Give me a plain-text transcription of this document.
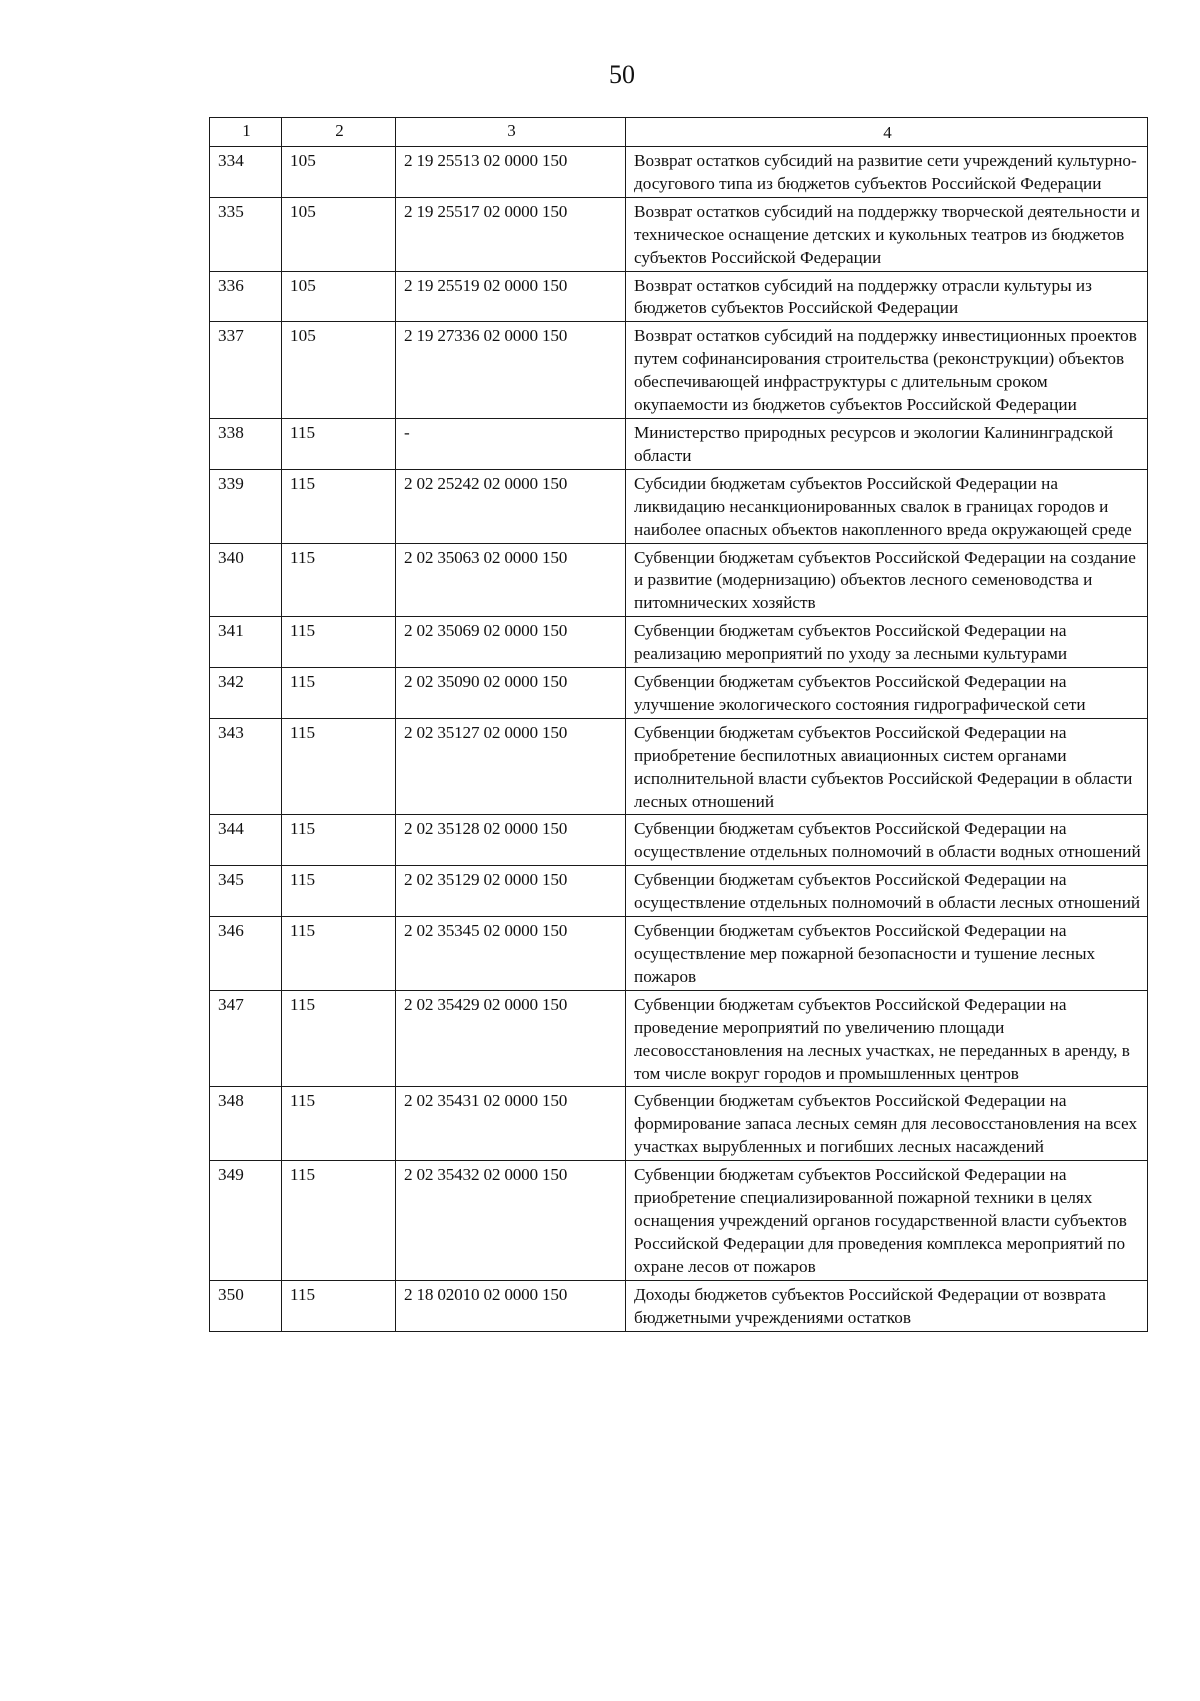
50
1	2	3	4
334	105	2 19 25513 02 0000 150	Возврат остатков субсидий на развитие сети учреждений культурно-досугового типа из бюджетов субъектов Российской Федерации
335	105	2 19 25517 02 0000 150	Возврат остатков субсидий на поддержку творческой деятельности и техническое оснащение детских и кукольных театров из бюджетов субъектов Российской Федерации
336	105	2 19 25519 02 0000 150	Возврат остатков субсидий на поддержку отрасли культуры из бюджетов субъектов Российской Федерации
337	105	2 19 27336 02 0000 150	Возврат остатков субсидий на поддержку инвестиционных проектов путем софинансирования строительства (реконструкции) объектов обеспечивающей инфраструктуры с длительным сроком окупаемости из бюджетов субъектов Российской Федерации
338	115	-	Министерство природных ресурсов и экологии Калининградской области
339	115	2 02 25242 02 0000 150	Субсидии бюджетам субъектов Российской Федерации на ликвидацию несанкционированных свалок в границах городов и наиболее опасных объектов накопленного вреда окружающей среде
340	115	2 02 35063 02 0000 150	Субвенции бюджетам субъектов Российской Федерации на создание и развитие (модернизацию) объектов лесного семеноводства и питомнических хозяйств
341	115	2 02 35069 02 0000 150	Субвенции бюджетам субъектов Российской Федерации на реализацию мероприятий по уходу за лесными культурами
342	115	2 02 35090 02 0000 150	Субвенции бюджетам субъектов Российской Федерации на улучшение экологического состояния гидрографической сети
343	115	2 02 35127 02 0000 150	Субвенции бюджетам субъектов Российской Федерации на приобретение беспилотных авиационных систем органами исполнительной власти субъектов Российской Федерации в области лесных отношений
344	115	2 02 35128 02 0000 150	Субвенции бюджетам субъектов Российской Федерации на осуществление отдельных полномочий в области водных отношений
345	115	2 02 35129 02 0000 150	Субвенции бюджетам субъектов Российской Федерации на осуществление отдельных полномочий в области лесных отношений
346	115	2 02 35345 02 0000 150	Субвенции бюджетам субъектов Российской Федерации на осуществление мер пожарной безопасности и тушение лесных пожаров
347	115	2 02 35429 02 0000 150	Субвенции бюджетам субъектов Российской Федерации на проведение мероприятий по увеличению площади лесовосстановления на лесных участках, не переданных в аренду, в том числе вокруг городов и промышленных центров
348	115	2 02 35431 02 0000 150	Субвенции бюджетам субъектов Российской Федерации на формирование запаса лесных семян для лесовосстановления на всех участках вырубленных и погибших лесных насаждений
349	115	2 02 35432 02 0000 150	Субвенции бюджетам субъектов Российской Федерации на приобретение специализированной пожарной техники в целях оснащения учреждений органов государственной власти субъектов Российской Федерации для проведения комплекса мероприятий по охране лесов от пожаров
350	115	2 18 02010 02 0000 150	Доходы бюджетов субъектов Российской Федерации от возврата бюджетными учреждениями остатков
